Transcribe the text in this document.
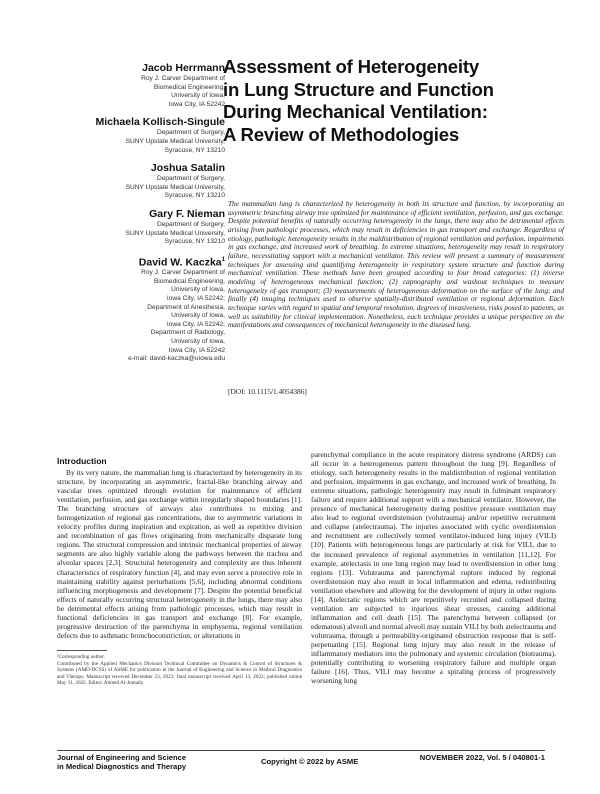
Jacob Herrmann
Roy J. Carver Department of
Biomedical Engineering,
University of Iowa,
Iowa City, IA 52242
Michaela Kollisch-Singule
Department of Surgery,
SUNY Upstate Medical University,
Syracuse, NY 13210
Joshua Satalin
Department of Surgery,
SUNY Upstate Medical University,
Syracuse, NY 13210
Gary F. Nieman
Department of Surgery,
SUNY Upstate Medical University,
Syracuse, NY 13210
David W. Kaczka$^1$
Roy J. Carver Department of
Biomedical Engineering,
University of Iowa,
Iowa City, IA 52242;
Department of Anesthesia,
University of Iowa,
Iowa City, IA 52242;
Department of Radiology,
University of Iowa,
Iowa City, IA 52242
e-mail: david-kaczka@uiowa.edu
Assessment of Heterogeneity
in Lung Structure and Function
During Mechanical Ventilation:
A Review of Methodologies
The mammalian lung is characterized by heterogeneity in both its structure and function, by incorporating an asymmetric branching airway tree optimized for maintenance of efficient ventilation, perfusion, and gas exchange. Despite potential benefits of naturally occurring heterogeneity in the lungs, there may also be detrimental effects arising from pathologic processes, which may result in deficiencies in gas transport and exchange. Regardless of etiology, pathologic heterogeneity results in the maldistribution of regional ventilation and perfusion, impairments in gas exchange, and increased work of breathing. In extreme situations, heterogeneity may result in respiratory failure, necessitating support with a mechanical ventilator. This review will present a summary of measurement techniques for assessing and quantifying heterogeneity in respiratory system structure and function during mechanical ventilation. These methods have been grouped according to four broad categories: (1) inverse modeling of heterogeneous mechanical function; (2) capnography and washout techniques to measure heterogeneity of gas transport; (3) measurements of heterogeneous deformation on the surface of the lung; and finally (4) imaging techniques used to observe spatially-distributed ventilation or regional deformation. Each technique varies with regard to spatial and temporal resolution, degrees of invasiveness, risks posed to patients, as well as suitability for clinical implementation. Nonetheless, each technique provides a unique perspective on the manifestations and consequences of mechanical heterogeneity in the diseased lung.
[DOI: 10.1115/1.4054386]
Introduction
By its very nature, the mammalian lung is characterized by heterogeneity in its structure, by incorporating an asymmetric, fractal-like branching airway and vascular trees optimized through evolution for maintenance of efficient ventilation, perfusion, and gas exchange within irregularly shaped boundaries [1]. The branching structure of airways also contributes to mixing and homogenization of regional gas concentrations, due to asymmetric variations in velocity profiles during inspiration and expiration, as well as repetitive division and recombination of gas flows originating from mechanically disparate lung regions. The structural compression and intrinsic mechanical properties of airway segments are also highly variable along the pathways between the trachea and alveolar spaces [2,3]. Structural heterogeneity and complexity are thus inherent characteristics of respiratory function [4], and may even serve a protective role in maintaining stability against perturbations [5,6], including abnormal conditions influencing morphogenesis and development [7]. Despite the potential beneficial effects of naturally occurring structural heterogeneity in the lungs, there may also be detrimental effects arising from pathologic processes, which may result in functional deficiencies in gas transport and exchange [8]. For example, progressive destruction of the parenchyma in emphysema, regional ventilation defects due to asthmatic bronchoconstriction, or alterations in
parenchymal compliance in the acute respiratory distress syndrome (ARDS) can all occur in a heterogeneous pattern throughout the lung [9]. Regardless of etiology, such heterogeneity results in the maldistribution of regional ventilation and perfusion, impairments in gas exchange, and increased work of breathing. In extreme situations, pathologic heterogeneity may result in fulminant respiratory failure and require additional support with a mechanical ventilator. However, the presence of mechanical heterogeneity during positive pressure ventilation may also lead to regional overdistension (volutrauma) and/or repetitive recruitment and collapse (atelectrauma). The injuries associated with cyclic overdistension and recruitment are collectively termed ventilator-induced lung injury (VILI) [10]. Patients with heterogeneous lungs are particularly at risk for VILI, due to the increased prevalence of regional asymmetries in ventilation [11,12]. For example, atelectasis in one lung region may lead to overdistension in other lung regions [13]. Volutrauma and parenchymal rupture induced by regional overdistension may also result in local inflammation and edema, redistributing ventilation elsewhere and allowing for the development of injury in other regions [14]. Atelectatic regions which are repetitively recruited and collapsed during ventilation are subjected to injurious shear stresses, causing additional inflammation and cell death [15]. The parenchyma between collapsed (or edematous) alveoli and normal alveoli may sustain VILI by both atelectrauma and volutrauma, through a permeability-originated obstruction response that is self-perpetuating [15]. Regional lung injury may also result in the release of inflammatory mediators into the pulmonary and systemic circulation (biotrauma), potentially contributing to worsening respiratory failure and multiple organ failure [16]. Thus, VILI may become a spiraling process of progressively worsening lung

¹Corresponding author.

Contributed by the Applied Mechanics Division Technical Committee on Dynamics & Control of Structures & Systems (AMD-DCSS) of ASME for publication in the Journal of Engineering and Science in Medical Diagnostics and Therapy. Manuscript received December 23, 2021; final manuscript received April 13, 2022; published online May 11, 2022. Editor: Ahmed Al-Jumaily.

Journal of Engineering and Science
in Medical Diagnostics and Therapy
Copyright © 2022 by ASME	NOVEMBER 2022, Vol. 5 / 040801-1
